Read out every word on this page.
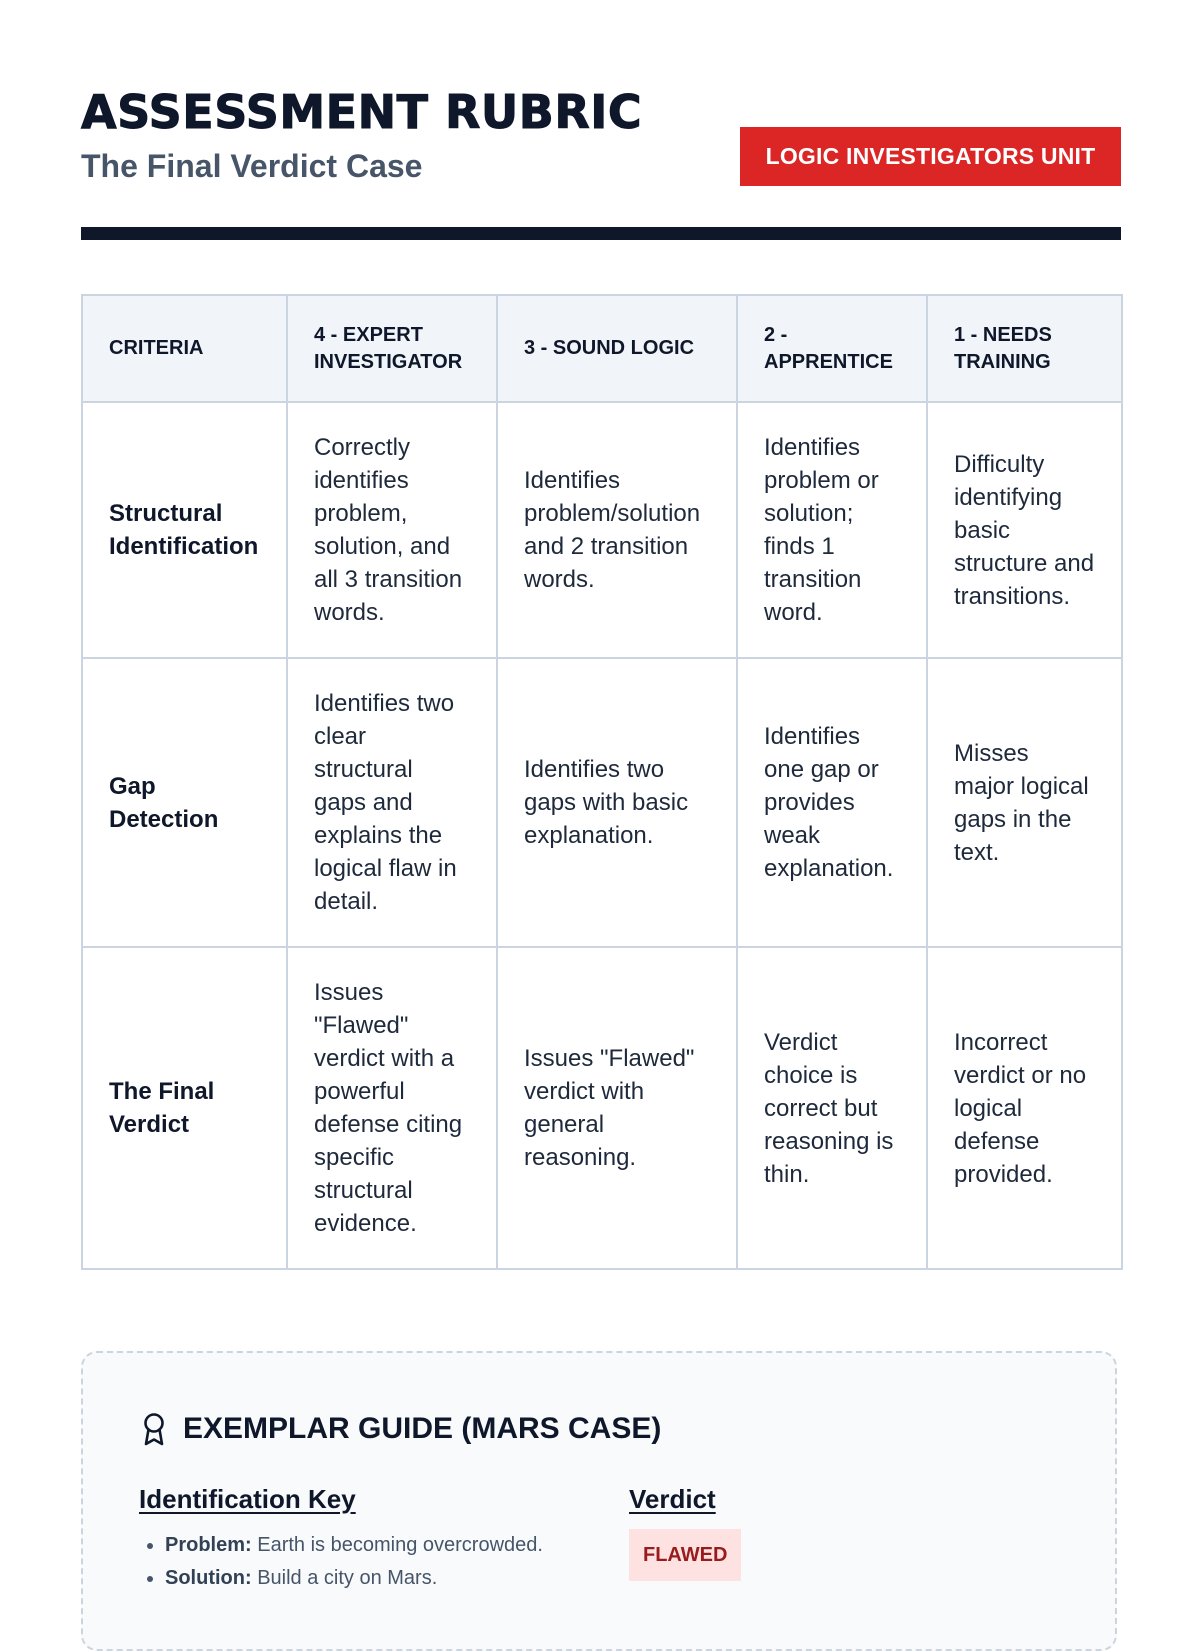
ASSESSMENT RUBRIC
The Final Verdict Case	LOGIC INVESTIGATORS UNIT
CRITERIA	4 - EXPERT INVESTIGATOR	3 - SOUND LOGIC	2 - APPRENTICE	1 - NEEDS TRAINING
Structural Identification	Correctly identifies problem, solution, and all 3 transition words.	Identifies problem/solution and 2 transition words.	Identifies problem or solution; finds 1 transition word.	Difficulty identifying basic structure and transitions.
Gap Detection	Identifies two clear structural gaps and explains the logical flaw in detail.	Identifies two gaps with basic explanation.	Identifies one gap or provides weak explanation.	Misses major logical gaps in the text.
The Final Verdict	Issues "Flawed" verdict with a powerful defense citing specific structural evidence.	Issues "Flawed" verdict with general reasoning.	Verdict choice is correct but reasoning is thin.	Incorrect verdict or no logical defense provided.
EXEMPLAR GUIDE (MARS CASE)
Identification Key
• Problem: Earth is becoming overcrowded.
• Solution: Build a city on Mars.
Verdict
FLAWED
